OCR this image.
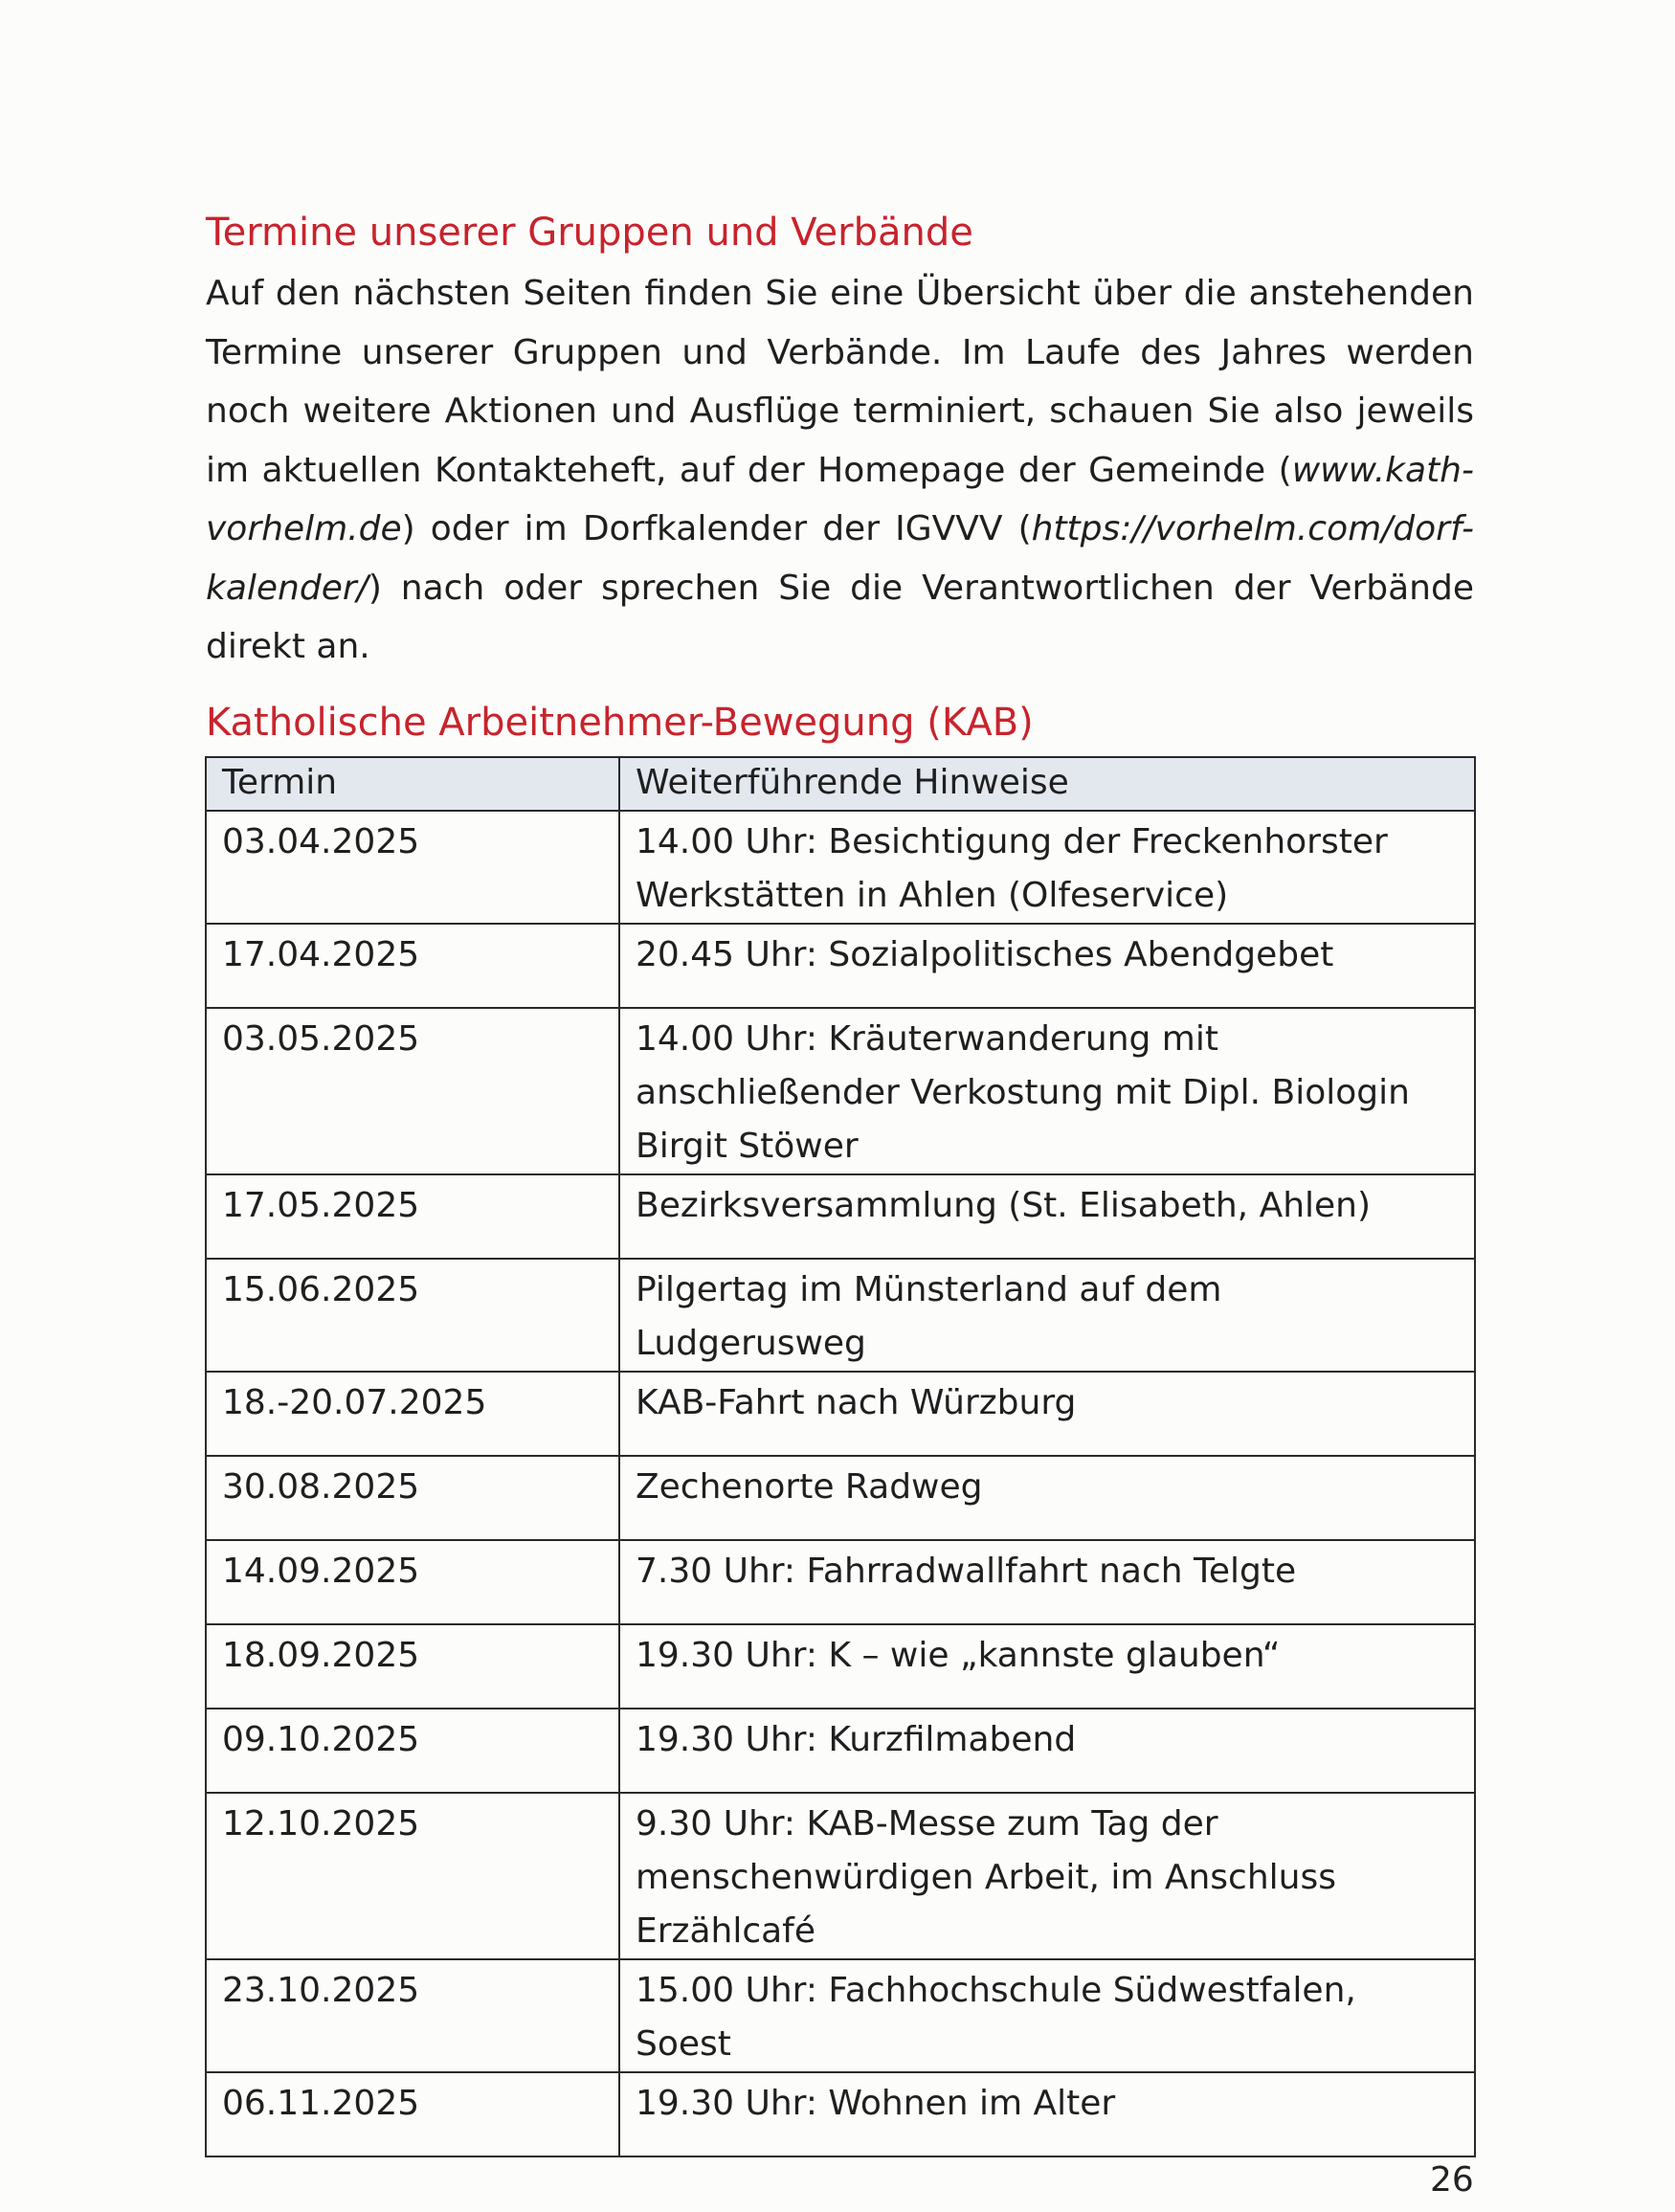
Termine unserer Gruppen und Verbände

Auf den nächsten Seiten finden Sie eine Übersicht über die anstehenden Termine unserer Gruppen und Verbände. Im Laufe des Jahres werden noch weitere Aktionen und Ausflüge terminiert, schauen Sie also jeweils im aktuellen Kontakteheft, auf der Homepage der Gemeinde (www.kath-vorhelm.de) oder im Dorfkalender der IGVVV (https://vorhelm.com/dorf-kalender/) nach oder sprechen Sie die Verantwortlichen der Verbände direkt an.

Katholische Arbeitnehmer-Bewegung (KAB)
Termin	Weiterführende Hinweise
03.04.2025	14.00 Uhr: Besichtigung der Freckenhorster Werkstätten in Ahlen (Olfeservice)
17.04.2025	20.45 Uhr: Sozialpolitisches Abendgebet
03.05.2025	14.00 Uhr: Kräuterwanderung mit anschließender Verkostung mit Dipl. Biologin Birgit Stöwer
17.05.2025	Bezirksversammlung (St. Elisabeth, Ahlen)
15.06.2025	Pilgertag im Münsterland auf dem Ludgerusweg
18.-20.07.2025	KAB-Fahrt nach Würzburg
30.08.2025	Zechenorte Radweg
14.09.2025	7.30 Uhr: Fahrradwallfahrt nach Telgte
18.09.2025	19.30 Uhr: K – wie „kannste glauben“
09.10.2025	19.30 Uhr: Kurzfilmabend
12.10.2025	9.30 Uhr: KAB-Messe zum Tag der menschenwürdigen Arbeit, im Anschluss Erzählcafé
23.10.2025	15.00 Uhr: Fachhochschule Südwestfalen, Soest
06.11.2025	19.30 Uhr: Wohnen im Alter
26
